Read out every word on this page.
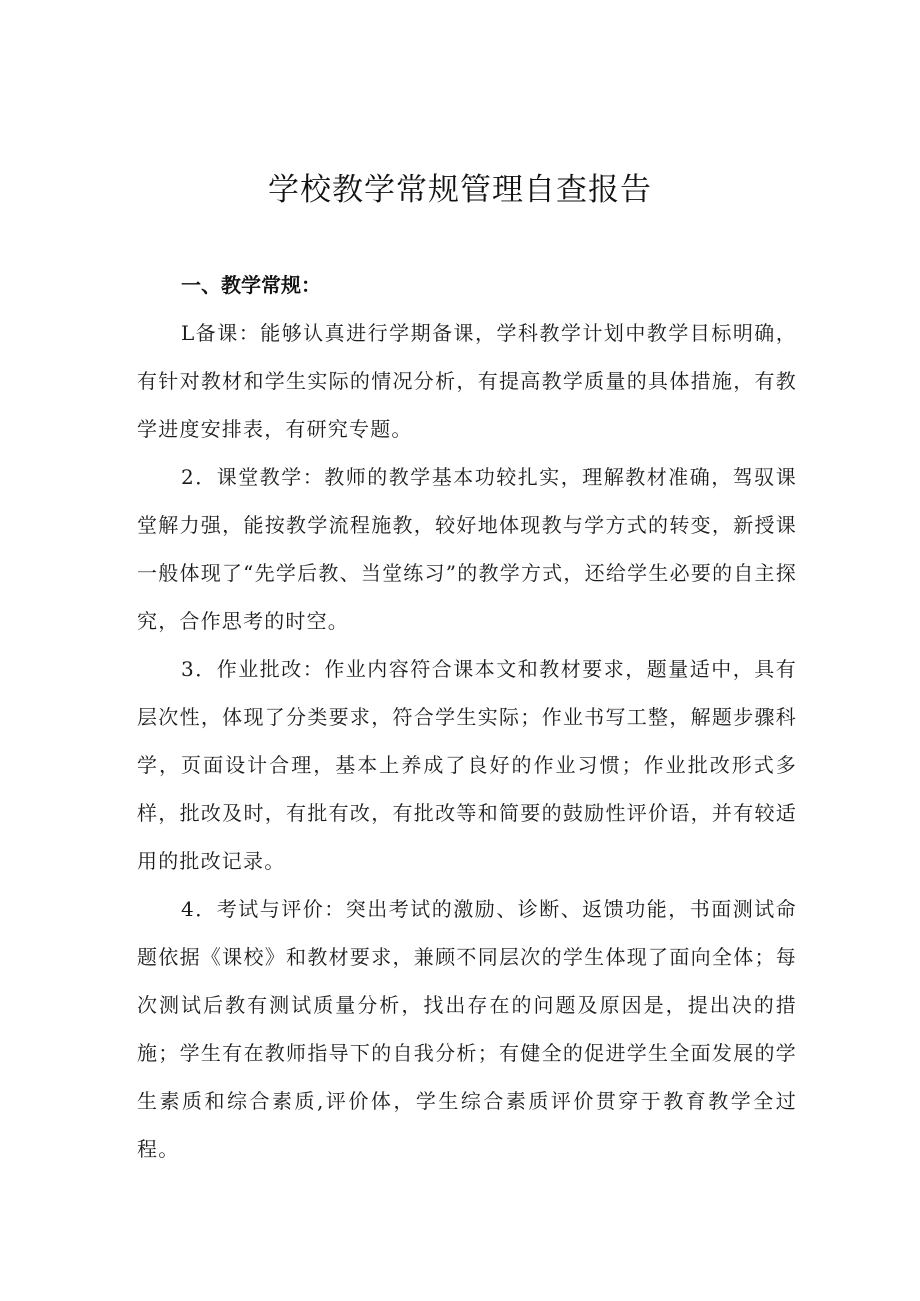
学校教学常规管理自查报告

一、教学常规：

L备课：能够认真进行学期备课，学科教学计划中教学目标明确，有针对教材和学生实际的情况分析，有提高教学质量的具体措施，有教学进度安排表，有研究专题。

2．课堂教学：教师的教学基本功较扎实，理解教材准确，驾驭课堂解力强，能按教学流程施教，较好地体现教与学方式的转变，新授课一般体现了“先学后教、当堂练习”的教学方式，还给学生必要的自主探究，合作思考的时空。

3．作业批改：作业内容符合课本文和教材要求，题量适中，具有层次性，体现了分类要求，符合学生实际；作业书写工整，解题步骤科学，页面设计合理，基本上养成了良好的作业习惯；作业批改形式多样，批改及时，有批有改，有批改等和简要的鼓励性评价语，并有较适用的批改记录。

4．考试与评价：突出考试的激励、诊断、返馈功能，书面测试命题依据《课校》和教材要求，兼顾不同层次的学生体现了面向全体；每次测试后教有测试质量分析，找出存在的问题及原因是，提出决的措施；学生有在教师指导下的自我分析；有健全的促进学生全面发展的学生素质和综合素质,评价体，学生综合素质评价贯穿于教育教学全过程。
